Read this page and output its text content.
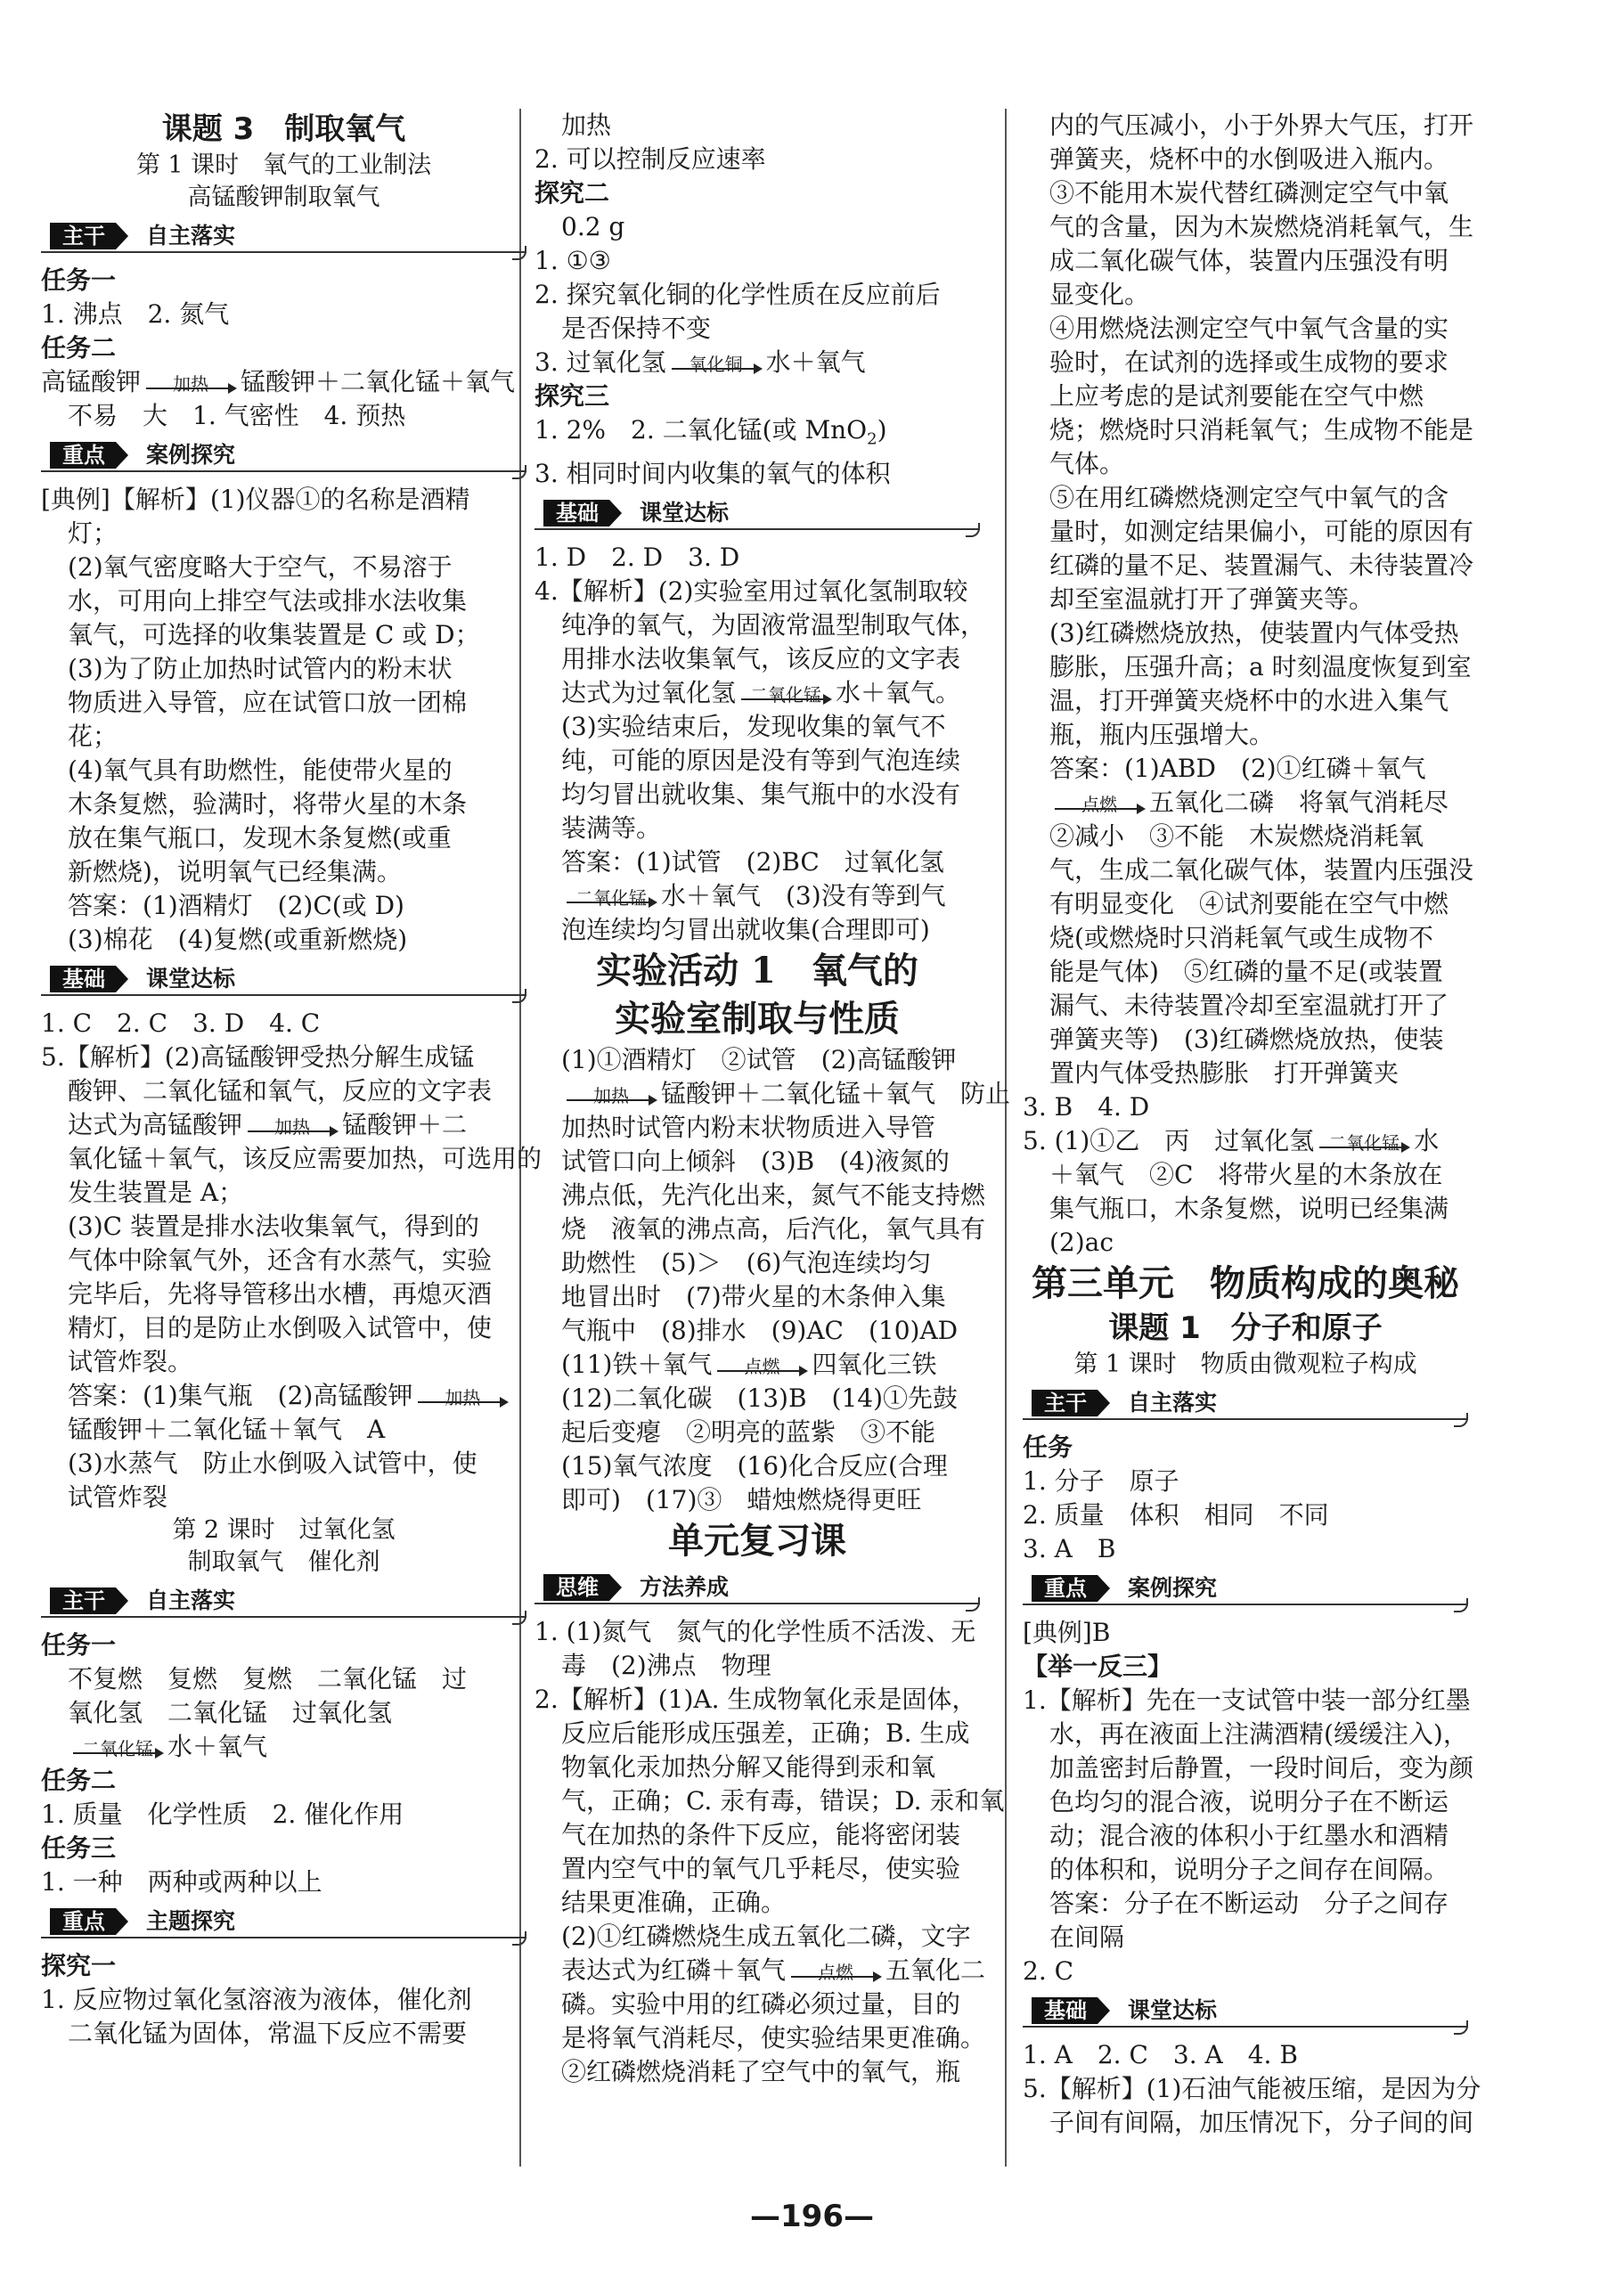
课题 3　制取氧气

第 1 课时　氧气的工业制法

高锰酸钾制取氧气

主干	自主落实

任务一

1. 沸点　2. 氮气

任务二

高锰酸钾	加热	锰酸钾＋二氧化锰＋氧气

不易　大　1. 气密性　4. 预热

重点	案例探究

[典例]【解析】(1)仪器①的名称是酒精

灯；

(2)氧气密度略大于空气，不易溶于

水，可用向上排空气法或排水法收集

氧气，可选择的收集装置是 C 或 D；

(3)为了防止加热时试管内的粉末状

物质进入导管，应在试管口放一团棉

花；

(4)氧气具有助燃性，能使带火星的

木条复燃，验满时，将带火星的木条

放在集气瓶口，发现木条复燃(或重

新燃烧)，说明氧气已经集满。

答案：(1)酒精灯　(2)C(或 D)

(3)棉花　(4)复燃(或重新燃烧)

基础	课堂达标

1. C　2. C　3. D　4. C

5.【解析】(2)高锰酸钾受热分解生成锰

酸钾、二氧化锰和氧气，反应的文字表

达式为高锰酸钾	加热	锰酸钾＋二

氧化锰＋氧气，该反应需要加热，可选用的

发生装置是 A；

(3)C 装置是排水法收集氧气，得到的

气体中除氧气外，还含有水蒸气，实验

完毕后，先将导管移出水槽，再熄灭酒

精灯，目的是防止水倒吸入试管中，使

试管炸裂。

答案：(1)集气瓶　(2)高锰酸钾	加热

锰酸钾＋二氧化锰＋氧气　A

(3)水蒸气　防止水倒吸入试管中，使

试管炸裂

第 2 课时　过氧化氢

制取氧气　催化剂

主干	自主落实

任务一

不复燃　复燃　复燃　二氧化锰　过

氧化氢　二氧化锰　过氧化氢

二氧化锰 水＋氧气

任务二

1. 质量　化学性质　2. 催化作用

任务三

1. 一种　两种或两种以上

重点	主题探究

探究一

1. 反应物过氧化氢溶液为液体，催化剂

二氧化锰为固体，常温下反应不需要

加热

2. 可以控制反应速率

探究二

0.2 g

1. ①③

2. 探究氧化铜的化学性质在反应前后

是否保持不变

3. 过氧化氢	氧化铜 水＋氧气

探究三

1. 2%　2. 二氧化锰(或 MnO$_2$)

3. 相同时间内收集的氧气的体积

基础	课堂达标

1. D　2. D　3. D

4.【解析】(2)实验室用过氧化氢制取较

纯净的氧气，为固液常温型制取气体，

用排水法收集氧气，该反应的文字表

达式为过氧化氢 二氧化锰 水＋氧气。

(3)实验结束后，发现收集的氧气不

纯，可能的原因是没有等到气泡连续

均匀冒出就收集、集气瓶中的水没有

装满等。

答案：(1)试管　(2)BC　过氧化氢

二氧化锰 水＋氧气　(3)没有等到气

泡连续均匀冒出就收集(合理即可)

实验活动 1　氧气的

实验室制取与性质

(1)①酒精灯　②试管　(2)高锰酸钾

加热	锰酸钾＋二氧化锰＋氧气　防止

加热时试管内粉末状物质进入导管

试管口向上倾斜　(3)B　(4)液氮的

沸点低，先汽化出来，氮气不能支持燃

烧　液氧的沸点高，后汽化，氧气具有

助燃性　(5)＞　(6)气泡连续均匀

地冒出时　(7)带火星的木条伸入集

气瓶中　(8)排水　(9)AC　(10)AD

(11)铁＋氧气	点燃	四氧化三铁

(12)二氧化碳　(13)B　(14)①先鼓

起后变瘪　②明亮的蓝紫　③不能

(15)氧气浓度　(16)化合反应(合理

即可)　(17)③　蜡烛燃烧得更旺

单元复习课

思维	方法养成

1. (1)氮气　氮气的化学性质不活泼、无

毒　(2)沸点　物理

2.【解析】(1)A. 生成物氧化汞是固体，

反应后能形成压强差，正确；B. 生成

物氧化汞加热分解又能得到汞和氧

气，正确；C. 汞有毒，错误；D. 汞和氧

气在加热的条件下反应，能将密闭装

置内空气中的氧气几乎耗尽，使实验

结果更准确，正确。

(2)①红磷燃烧生成五氧化二磷，文字

表达式为红磷＋氧气	点燃	五氧化二

磷。实验中用的红磷必须过量，目的

是将氧气消耗尽，使实验结果更准确。

②红磷燃烧消耗了空气中的氧气，瓶

内的气压减小，小于外界大气压，打开

弹簧夹，烧杯中的水倒吸进入瓶内。

③不能用木炭代替红磷测定空气中氧

气的含量，因为木炭燃烧消耗氧气，生

成二氧化碳气体，装置内压强没有明

显变化。

④用燃烧法测定空气中氧气含量的实

验时，在试剂的选择或生成物的要求

上应考虑的是试剂要能在空气中燃

烧；燃烧时只消耗氧气；生成物不能是

气体。

⑤在用红磷燃烧测定空气中氧气的含

量时，如测定结果偏小，可能的原因有

红磷的量不足、装置漏气、未待装置冷

却至室温就打开了弹簧夹等。

(3)红磷燃烧放热，使装置内气体受热

膨胀，压强升高；a 时刻温度恢复到室

温，打开弹簧夹烧杯中的水进入集气

瓶，瓶内压强增大。

答案：(1)ABD　(2)①红磷＋氧气

点燃	五氧化二磷　将氧气消耗尽

②减小　③不能　木炭燃烧消耗氧

气，生成二氧化碳气体，装置内压强没

有明显变化　④试剂要能在空气中燃

烧(或燃烧时只消耗氧气或生成物不

能是气体)　⑤红磷的量不足(或装置

漏气、未待装置冷却至室温就打开了

弹簧夹等)　(3)红磷燃烧放热，使装

置内气体受热膨胀　打开弹簧夹

3. B　4. D

5. (1)①乙　丙　过氧化氢 二氧化锰 水

＋氧气　②C　将带火星的木条放在

集气瓶口，木条复燃，说明已经集满

(2)ac

第三单元　物质构成的奥秘

课题 1　分子和原子

第 1 课时　物质由微观粒子构成

主干	自主落实

任务

1. 分子　原子

2. 质量　体积　相同　不同

3. A　B

重点	案例探究

[典例]B

【举一反三】

1.【解析】先在一支试管中装一部分红墨

水，再在液面上注满酒精(缓缓注入)，

加盖密封后静置，一段时间后，变为颜

色均匀的混合液，说明分子在不断运

动；混合液的体积小于红墨水和酒精

的体积和，说明分子之间存在间隔。

答案：分子在不断运动　分子之间存

在间隔

2. C

基础	课堂达标

1. A　2. C　3. A　4. B

5.【解析】(1)石油气能被压缩，是因为分

子间有间隔，加压情况下，分子间的间

—196—
